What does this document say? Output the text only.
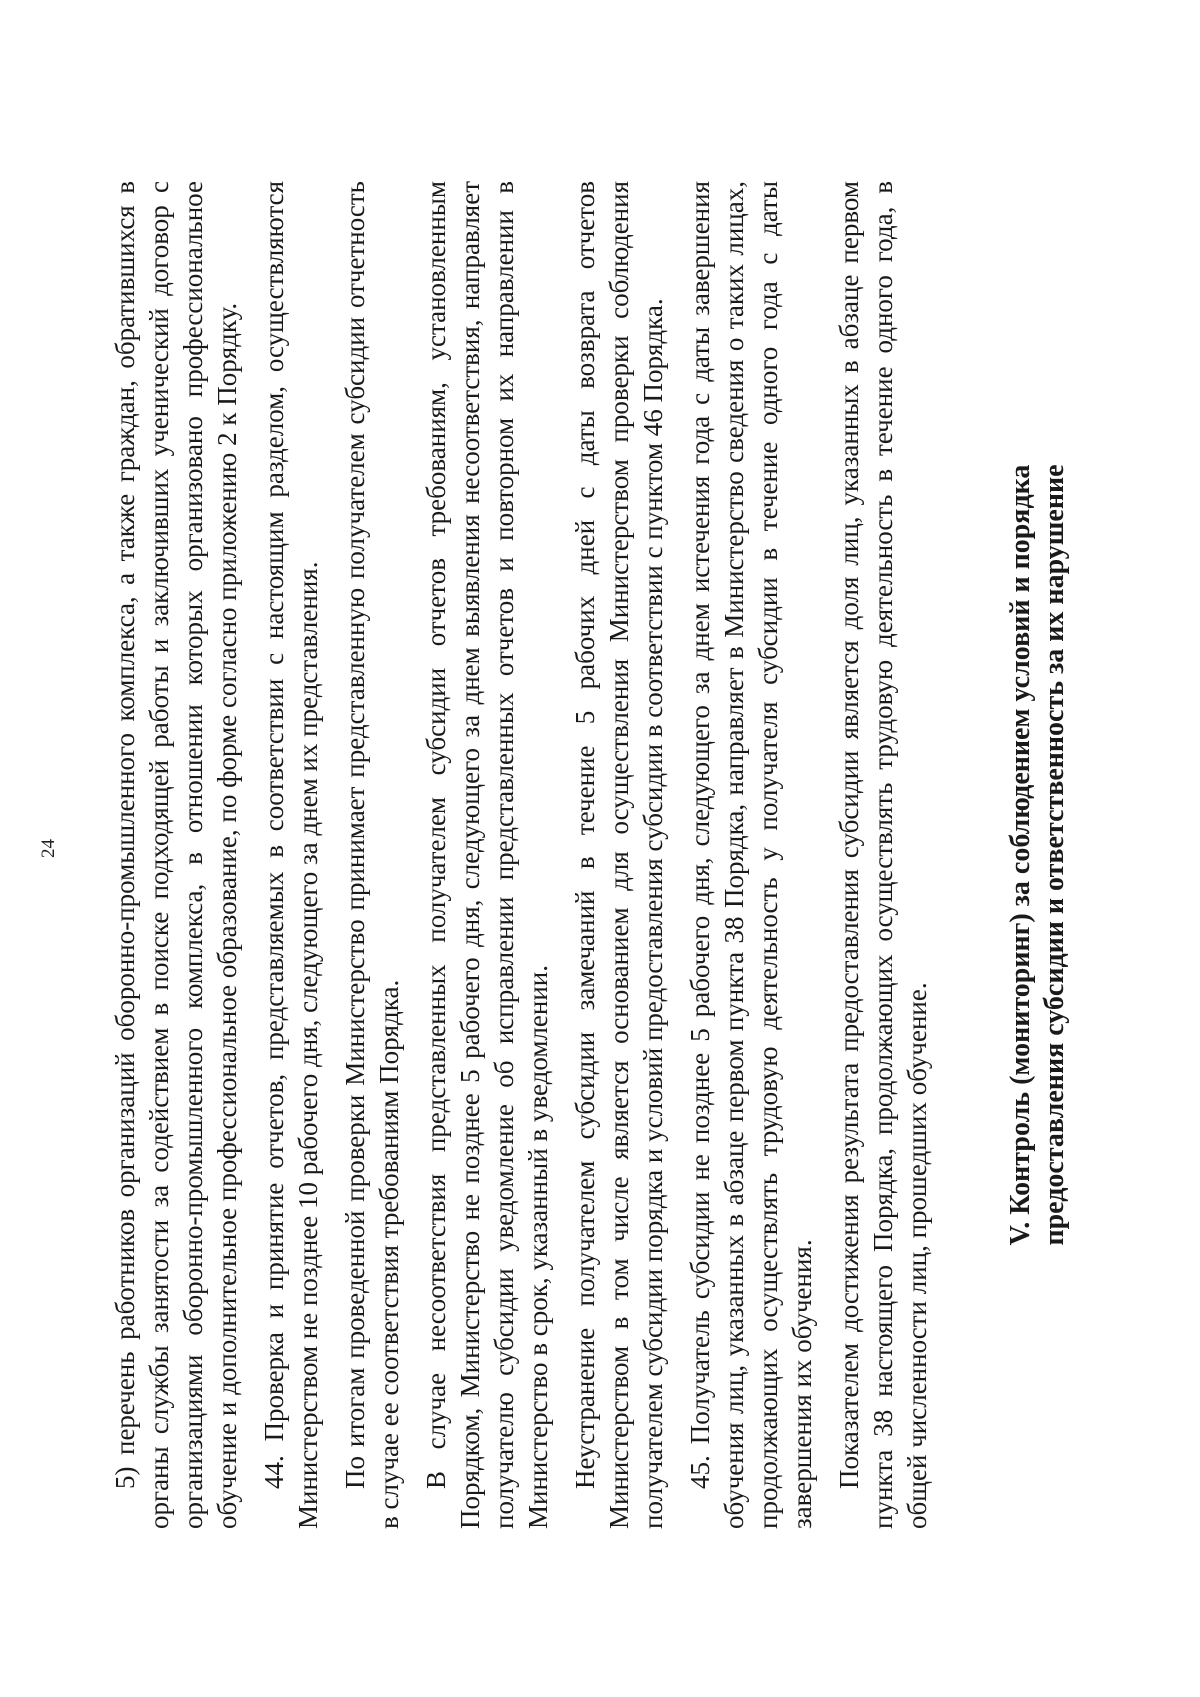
24 5) перечень работников организаций оборонно-промышленного комплекса, а также граждан, обратившихся в органы службы занятости за содействием в поиске подходящей работы и заключивших ученический договор с организациями оборонно-промышленного комплекса, в отношении которых организовано профессиональное обучение и дополнительное профессиональное образование, по форме согласно приложению 2 к Порядку. 44. Проверка и принятие отчетов, представляемых в соответствии с настоящим разделом, осуществляются Министерством не позднее 10 рабочего дня, следующего за днем их представления. По итогам проведенной проверки Министерство принимает представленную получателем субсидии отчетность в случае ее соответствия требованиям Порядка. В случае несоответствия представленных получателем субсидии отчетов требованиям, установленным Порядком, Министерство не позднее 5 рабочего дня, следующего за днем выявления несоответствия, направляет получателю субсидии уведомление об исправлении представленных отчетов и повторном их направлении в Министерство в срок, указанный в уведомлении. Неустранение получателем субсидии замечаний в течение 5 рабочих дней с даты возврата отчетов Министерством в том числе является основанием для осуществления Министерством проверки соблюдения получателем субсидии порядка и условий предоставления субсидии в соответствии с пунктом 46 Порядка. 45. Получатель субсидии не позднее 5 рабочего дня, следующего за днем истечения года с даты завершения обучения лиц, указанных в абзаце первом пункта 38 Порядка, направляет в Министерство сведения о таких лицах, продолжающих осуществлять трудовую деятельность у получателя субсидии в течение одного года с даты завершения их обучения. Показателем достижения результата предоставления субсидии является доля лиц, указанных в абзаце первом пункта 38 настоящего Порядка, продолжающих осуществлять трудовую деятельность в течение одного года, в общей численности лиц, прошедших обучение.

V. Контроль (мониторинг) за соблюдением условий и порядка предоставления субсидии и ответственность за их нарушение
